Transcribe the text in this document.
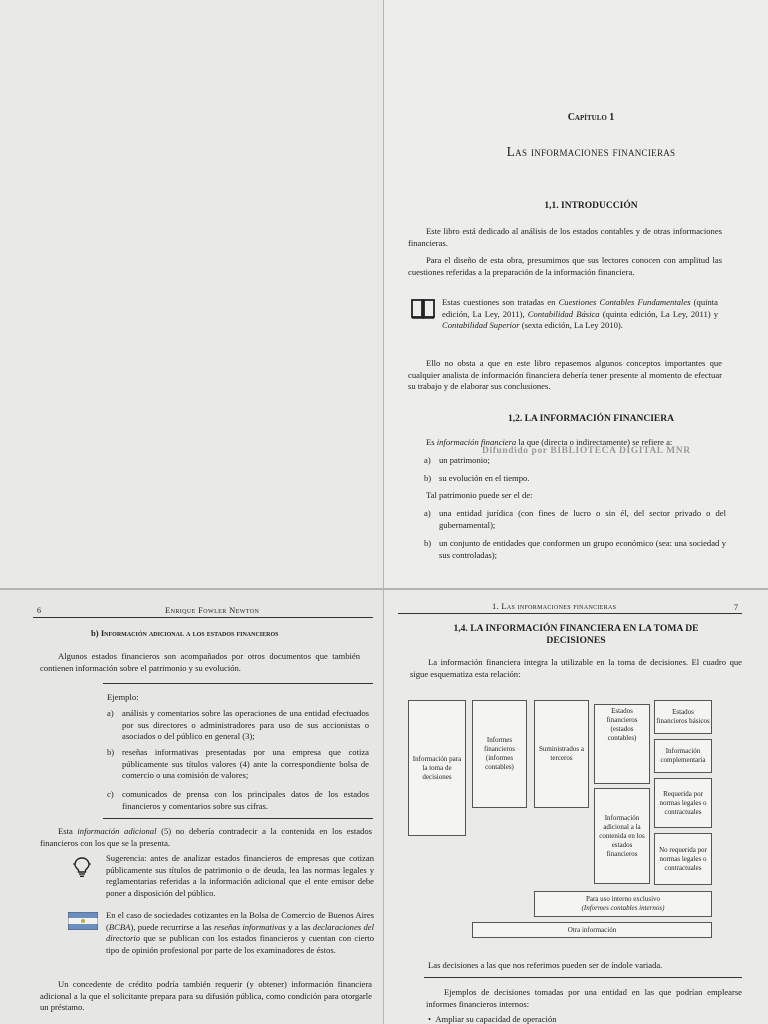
Capítulo 1
Las informaciones financieras
1,1. INTRODUCCIÓN
Este libro está dedicado al análisis de los estados contables y de otras informaciones financieras.
Para el diseño de esta obra, presumimos que sus lectores conocen con amplitud las cuestiones referidas a la preparación de la información financiera.
Estas cuestiones son tratadas en Cuestiones Contables Fundamentales (quinta edición, La Ley, 2011), Contabilidad Básica (quinta edición, La Ley, 2011) y Contabilidad Superior (sexta edición, La Ley 2010).
Ello no obsta a que en este libro repasemos algunos conceptos importantes que cualquier analista de información financiera debería tener presente al momento de efectuar su trabajo y de elaborar sus conclusiones.
1,2. LA INFORMACIÓN FINANCIERA
Es información financiera la que (directa o indirectamente) se refiere a:
Difundido por BIBLIOTECA DIGITAL MNR
a) un patrimonio;
b) su evolución en el tiempo.
Tal patrimonio puede ser el de:
a) una entidad jurídica (con fines de lucro o sin él, del sector privado o del gubernamental);
b) un conjunto de entidades que conformen un grupo económico (sea: una sociedad y sus controladas);
6	Enrique Fowler Newton
b) Información adicional a los estados financieros
Algunos estados financieros son acompañados por otros documentos que también contienen información sobre el patrimonio y su evolución.
Ejemplo:
a) análisis y comentarios sobre las operaciones de una entidad efectuados por sus directores o administradores para uso de sus accionistas o asociados o del público en general (3);
b) reseñas informativas presentadas por una empresa que cotiza públicamente sus títulos valores (4) ante la correspondiente bolsa de comercio o una comisión de valores;
c) comunicados de prensa con los principales datos de los estados financieros y comentarios sobre sus cifras.
Esta información adicional (5) no debería contradecir a la contenida en los estados financieros con los que se la presenta.
Sugerencia: antes de analizar estados financieros de empresas que cotizan públicamente sus títulos de patrimonio o de deuda, lea las normas legales y reglamentarias referidas a la información adicional que el ente emisor debe poner a disposición del público.
En el caso de sociedades cotizantes en la Bolsa de Comercio de Buenos Aires (BCBA), puede recurrirse a las reseñas informativas y a las declaraciones del directorio que se publican con los estados financieros y cuentan con cierto tipo de opinión profesional por parte de los examinadores de éstos.
Un concedente de crédito podría también requerir (y obtener) información financiera adicional a la que el solicitante prepara para su difusión pública, como condición para otorgarle un préstamo.
1. Las informaciones financieras	7
1,4. LA INFORMACIÓN FINANCIERA EN LA TOMA DE
DECISIONES
La información financiera integra la utilizable en la toma de decisiones. El cuadro que sigue esquematiza esta relación:
Información para la toma de decisiones
Informes financieros (informes contables)
Suministrados a terceros
Estados financieros (estados contables)
Información adicional a la contenida en los estados financieros
Estados financieros básicos
Información complementaria
Requerida por normas legales o contractuales
No requerida por normas legales o contractuales
Para uso interno exclusivo
(Informes contables internos)
Otra información
Las decisiones a las que nos referimos pueden ser de índole variada.
Ejemplos de decisiones tomadas por una entidad en las que podrían emplearse informes financieros internos:
•  Ampliar su capacidad de operación
